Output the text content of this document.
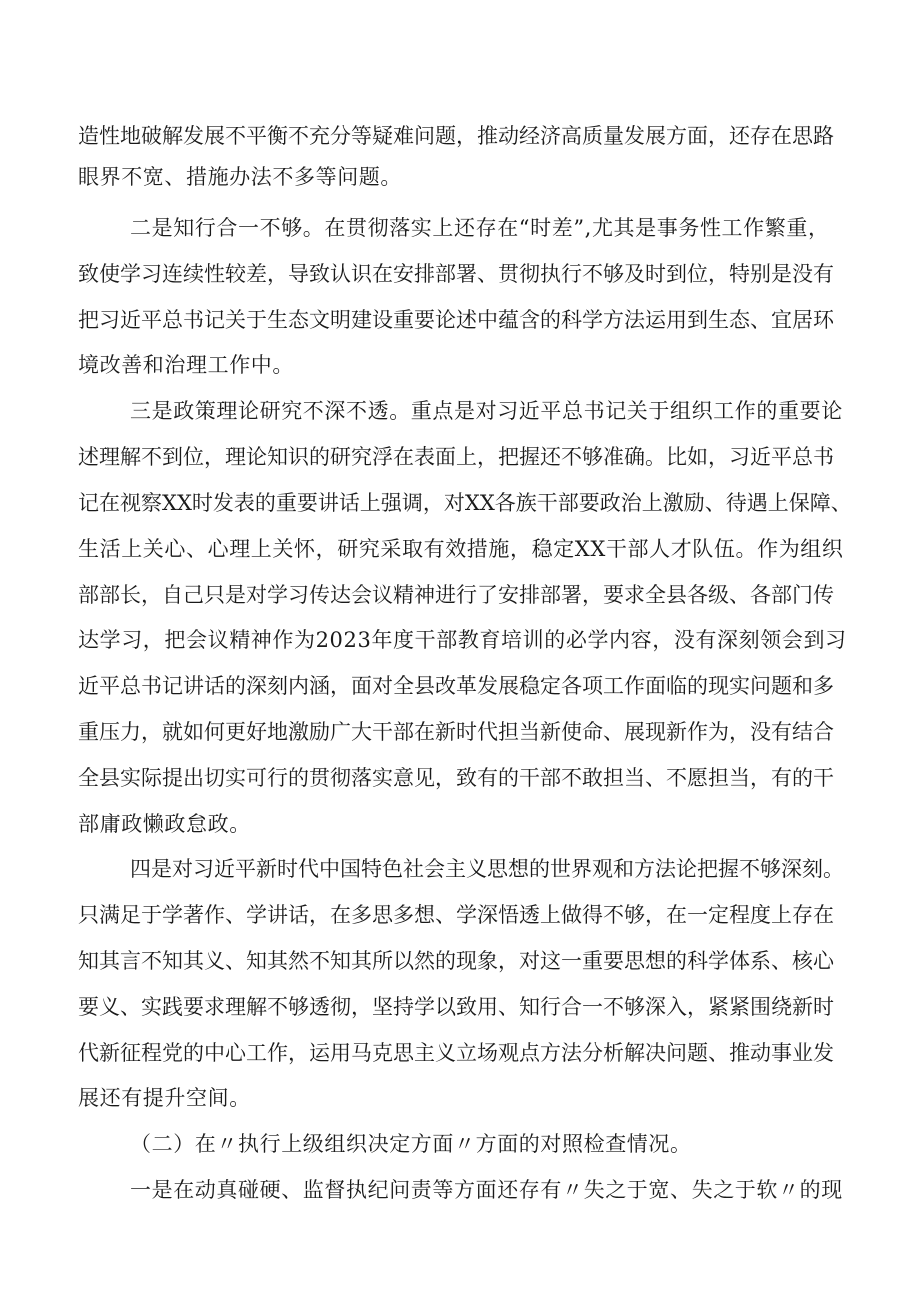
造性地破解发展不平衡不充分等疑难问题，推动经济高质量发展方面，还存在思路

眼界不宽、措施办法不多等问题。

二是知行合一不够。在贯彻落实上还存在“时差”,尤其是事务性工作繁重，

致使学习连续性较差，导致认识在安排部署、贯彻执行不够及时到位，特别是没有

把习近平总书记关于生态文明建设重要论述中蕴含的科学方法运用到生态、宜居环

境改善和治理工作中。

三是政策理论研究不深不透。重点是对习近平总书记关于组织工作的重要论

述理解不到位，理论知识的研究浮在表面上，把握还不够准确。比如，习近平总书

记在视察XX时发表的重要讲话上强调，对XX各族干部要政治上激励、待遇上保障、

生活上关心、心理上关怀，研究采取有效措施，稳定XX干部人才队伍。作为组织

部部长，自己只是对学习传达会议精神进行了安排部署，要求全县各级、各部门传

达学习，把会议精神作为2023年度干部教育培训的必学内容，没有深刻领会到习

近平总书记讲话的深刻内涵，面对全县改革发展稳定各项工作面临的现实问题和多

重压力，就如何更好地激励广大干部在新时代担当新使命、展现新作为，没有结合

全县实际提出切实可行的贯彻落实意见，致有的干部不敢担当、不愿担当，有的干

部庸政懒政怠政。

四是对习近平新时代中国特色社会主义思想的世界观和方法论把握不够深刻。

只满足于学著作、学讲话，在多思多想、学深悟透上做得不够，在一定程度上存在

知其言不知其义、知其然不知其所以然的现象，对这一重要思想的科学体系、核心

要义、实践要求理解不够透彻，坚持学以致用、知行合一不够深入，紧紧围绕新时

代新征程党的中心工作，运用马克思主义立场观点方法分析解决问题、推动事业发

展还有提升空间。

（二）在〃执行上级组织决定方面〃方面的对照检查情况。

一是在动真碰硬、监督执纪问责等方面还存有〃失之于宽、失之于软〃的现
